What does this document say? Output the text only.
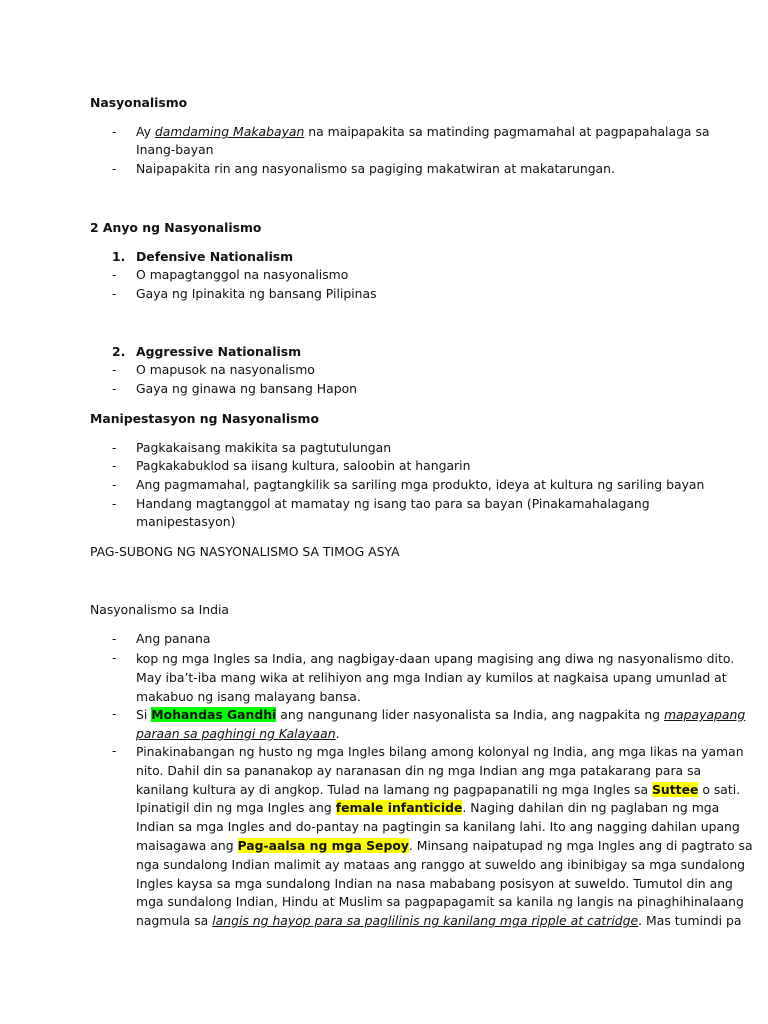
Nasyonalismo
- Ay damdaming Makabayan na maipapakita sa matinding pagmamahal at pagpapahalaga sa
Inang-bayan
- Naipapakita rin ang nasyonalismo sa pagiging makatwiran at makatarungan.
2 Anyo ng Nasyonalismo
1. Defensive Nationalism
- O mapagtanggol na nasyonalismo
- Gaya ng Ipinakita ng bansang Pilipinas
2. Aggressive Nationalism
- O mapusok na nasyonalismo
- Gaya ng ginawa ng bansang Hapon
Manipestasyon ng Nasyonalismo
- Pagkakaisang makikita sa pagtutulungan
- Pagkakabuklod sa iisang kultura, saloobin at hangarin
- Ang pagmamahal, pagtangkilik sa sariling mga produkto, ideya at kultura ng sariling bayan
- Handang magtanggol at mamatay ng isang tao para sa bayan (Pinakamahalagang
manipestasyon)
PAG-SUBONG NG NASYONALISMO SA TIMOG ASYA
Nasyonalismo sa India
- Ang panana
- kop ng mga Ingles sa India, ang nagbigay-daan upang magising ang diwa ng nasyonalismo dito.
May iba’t-iba mang wika at relihiyon ang mga Indian ay kumilos at nagkaisa upang umunlad at
makabuo ng isang malayang bansa.
- Si Mohandas Gandhi ang nangunang lider nasyonalista sa India, ang nagpakita ng mapayapang
paraan sa paghingi ng Kalayaan.
- Pinakinabangan ng husto ng mga Ingles bilang among kolonyal ng India, ang mga likas na yaman
nito. Dahil din sa pananakop ay naranasan din ng mga Indian ang mga patakarang para sa
kanilang kultura ay di angkop. Tulad na lamang ng pagpapanatili ng mga Ingles sa Suttee o sati.
Ipinatigil din ng mga Ingles ang female infanticide. Naging dahilan din ng paglaban ng mga
Indian sa mga Ingles and do-pantay na pagtingin sa kanilang lahi. Ito ang nagging dahilan upang
maisagawa ang Pag-aalsa ng mga Sepoy. Minsang naipatupad ng mga Ingles ang di pagtrato sa
nga sundalong Indian malimit ay mataas ang ranggo at suweldo ang ibinibigay sa mga sundalong
Ingles kaysa sa mga sundalong Indian na nasa mababang posisyon at suweldo. Tumutol din ang
mga sundalong Indian, Hindu at Muslim sa pagpapagamit sa kanila ng langis na pinaghihinalaang
nagmula sa langis ng hayop para sa paglilinis ng kanilang mga ripple at catridge. Mas tumindi pa
